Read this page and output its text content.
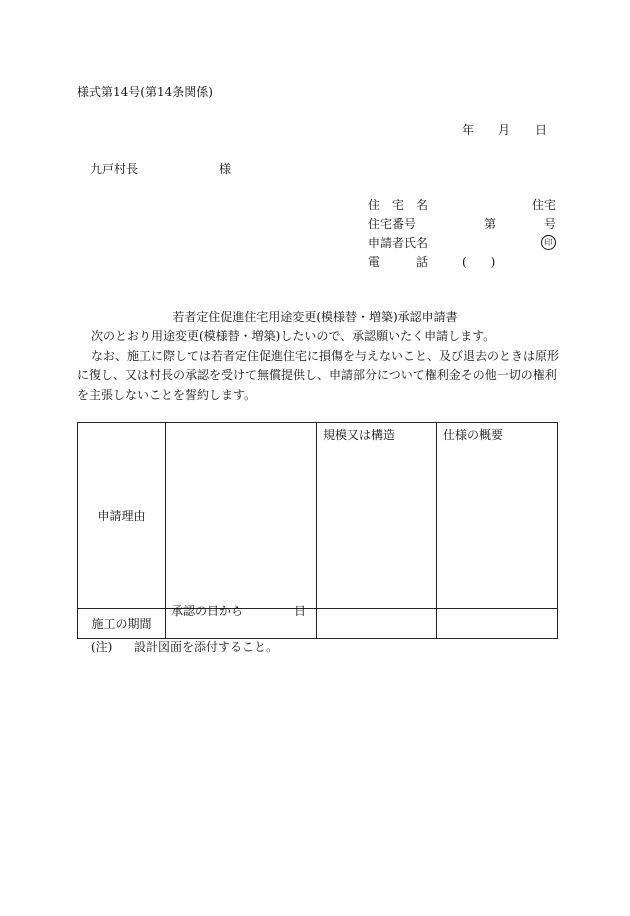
様式第14号(第14条関係)
年 月 日
九戸村長	様
住　宅　名	住宅
住宅番号	第	号
申請者氏名	印
電　　　話	(　　)
若者定住促進住宅用途変更(模様替・増築)承認申請書
次のとおり用途変更(模様替・増築)したいので、承認願いたく申請します。
なお、施工に際しては若者定住促進住宅に損傷を与えないこと、及び退去のときは原形
に復し、又は村長の承認を受けて無償提供し、申請部分について権利金その他一切の権利
を主張しないことを誓約します。
申請理由		規模又は構造	仕様の概要
施工の期間	承認の日から 日		

(注) 設計図面を添付すること。
